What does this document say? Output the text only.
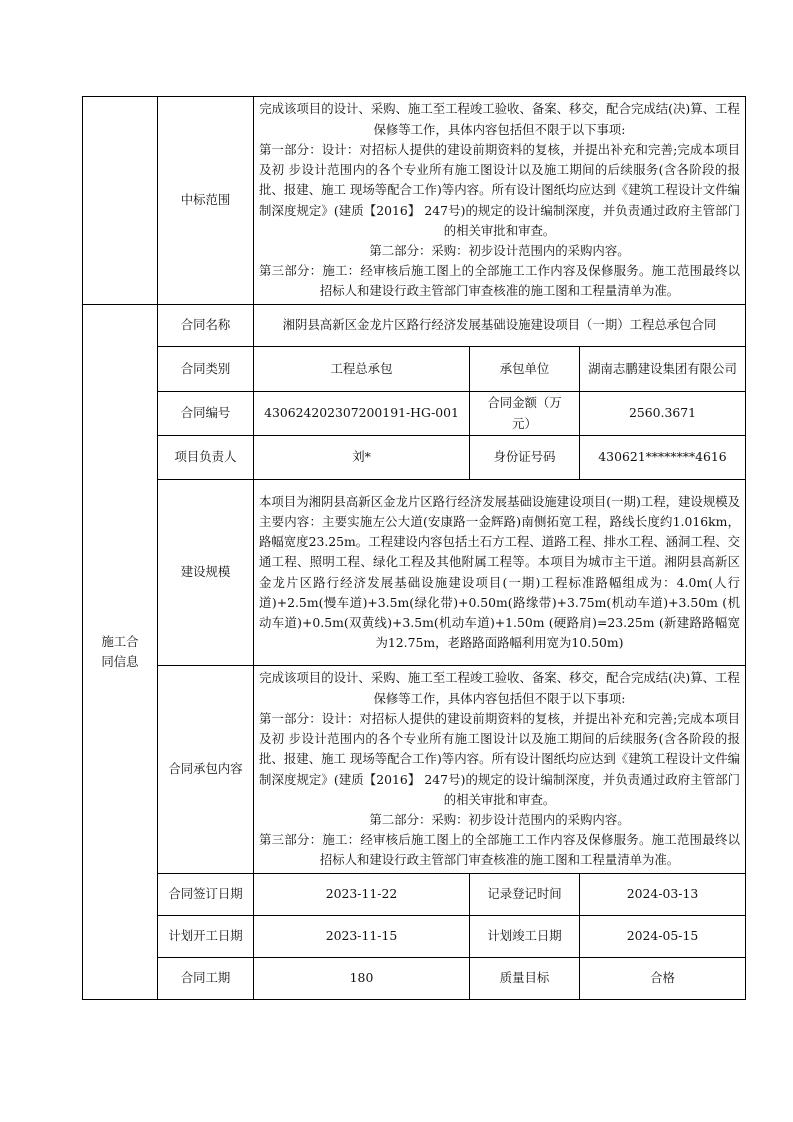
	中标范围	完成该项目的设计、采购、施工至工程竣工验收、备案、移交，配合完成结(决)算、工程保修等工作，具体内容包括但不限于以下事项:

第一部分：设计：对招标人提供的建设前期资料的复核，并提出补充和完善;完成本项目及初 步设计范围内的各个专业所有施工图设计以及施工期间的后续服务(含各阶段的报批、报建、施工 现场等配合工作)等内容。所有设计图纸均应达到《建筑工程设计文件编制深度规定》(建质【2016】 247号)的规定的设计编制深度，并负责通过政府主管部门的相关审批和审查。

第二部分：采购：初步设计范围内的采购内容。

第三部分：施工：经审核后施工图上的全部施工工作内容及保修服务。施工范围最终以招标人和建设行政主管部门审查核准的施工图和工程量清单为准。		

施工合同信息	合同名称	湘阴县高新区金龙片区路行经济发展基础设施建设项目（一期）工程总承包合同		
	合同类别	工程总承包	承包单位	湖南志鹏建设集团有限公司
	合同编号	430624202307200191-HG-001	合同金额（万元）	2560.3671
	项目负责人	刘*	身份证号码	430621********4616
	建设规模	本项目为湘阴县高新区金龙片区路行经济发展基础设施建设项目(一期)工程，建设规模及主要内容：主要实施左公大道(安康路一金辉路)南侧拓宽工程，路线长度约1.016km，路幅宽度23.25m。工程建设内容包括土石方工程、道路工程、排水工程、涵洞工程、交通工程、照明工程、绿化工程及其他附属工程等。本项目为城市主干道。湘阴县高新区金龙片区路行经济发展基础设施建设项目(一期)工程标准路幅组成为：4.0m(人行道)+2.5m(慢车道)+3.5m(绿化带)+0.50m(路缘带)+3.75m(机动车道)+3.50m (机动车道)+0.5m(双黄线)+3.5m(机动车道)+1.50m (硬路肩)=23.25m (新建路路幅宽为12.75m，老路路面路幅利用宽为10.50m)		

	合同承包内容	完成该项目的设计、采购、施工至工程竣工验收、备案、移交，配合完成结(决)算、工程保修等工作，具体内容包括但不限于以下事项:

第一部分：设计：对招标人提供的建设前期资料的复核，并提出补充和完善;完成本项目及初 步设计范围内的各个专业所有施工图设计以及施工期间的后续服务(含各阶段的报批、报建、施工 现场等配合工作)等内容。所有设计图纸均应达到《建筑工程设计文件编制深度规定》(建质【2016】 247号)的规定的设计编制深度，并负责通过政府主管部门的相关审批和审查。

第二部分：采购：初步设计范围内的采购内容。

第三部分：施工：经审核后施工图上的全部施工工作内容及保修服务。施工范围最终以招标人和建设行政主管部门审查核准的施工图和工程量清单为准。		

	合同签订日期	2023-11-22	记录登记时间	2024-03-13

	计划开工日期	2023-11-15	计划竣工日期	2024-05-15
	合同工期	180	质量目标	合格
